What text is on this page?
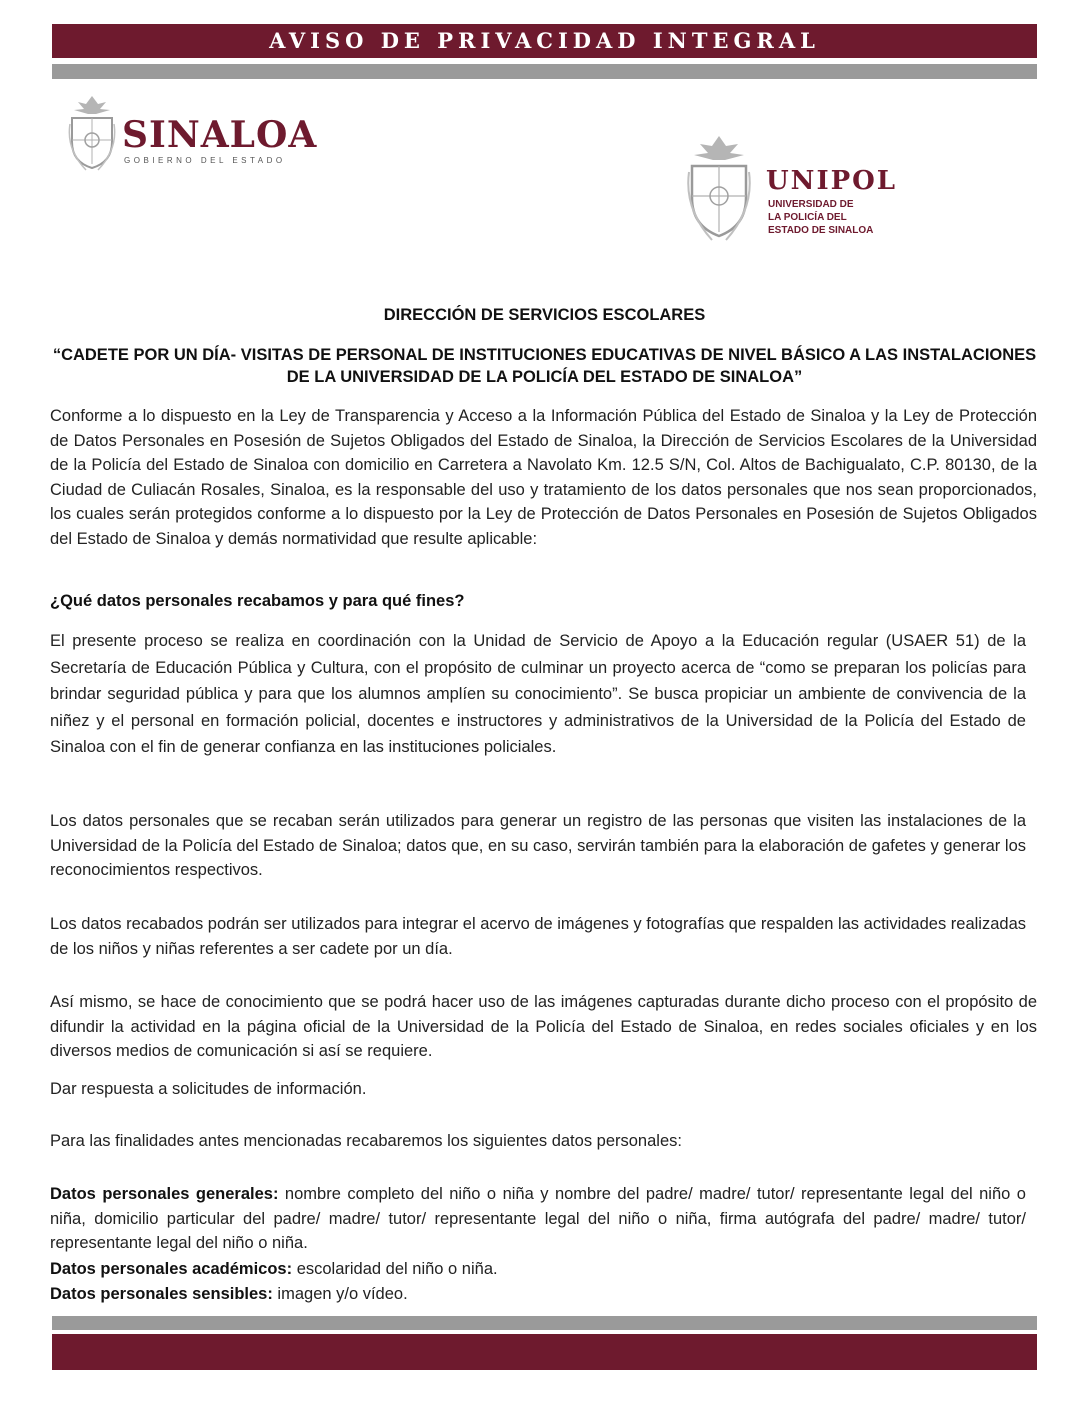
AVISO DE PRIVACIDAD INTEGRAL
SINALOA
GOBIERNO DEL ESTADO
UNIPOL
UNIVERSIDAD DE
LA POLICÍA DEL
ESTADO DE SINALOA
DIRECCIÓN DE SERVICIOS ESCOLARES
“CADETE POR UN DÍA- VISITAS DE PERSONAL DE INSTITUCIONES EDUCATIVAS DE NIVEL BÁSICO A LAS INSTALACIONES DE LA UNIVERSIDAD DE LA POLICÍA DEL ESTADO DE SINALOA”

Conforme a lo dispuesto en la Ley de Transparencia y Acceso a la Información Pública del Estado de Sinaloa y la Ley de Protección de Datos Personales en Posesión de Sujetos Obligados del Estado de Sinaloa, la Dirección de Servicios Escolares de la Universidad de la Policía del Estado de Sinaloa con domicilio en Carretera a Navolato Km. 12.5 S/N, Col. Altos de Bachigualato, C.P. 80130, de la Ciudad de Culiacán Rosales, Sinaloa, es la responsable del uso y tratamiento de los datos personales que nos sean proporcionados, los cuales serán protegidos conforme a lo dispuesto por la Ley de Protección de Datos Personales en Posesión de Sujetos Obligados del Estado de Sinaloa y demás normatividad que resulte aplicable:

¿Qué datos personales recabamos y para qué fines?

El presente proceso se realiza en coordinación con la Unidad de Servicio de Apoyo a la Educación regular (USAER 51) de la Secretaría de Educación Pública y Cultura, con el propósito de culminar un proyecto acerca de “como se preparan los policías para brindar seguridad pública y para que los alumnos amplíen su conocimiento”. Se busca propiciar un ambiente de convivencia de la niñez y el personal en formación policial, docentes e instructores y administrativos de la Universidad de la Policía del Estado de Sinaloa con el fin de generar confianza en las instituciones policiales.

Los datos personales que se recaban serán utilizados para generar un registro de las personas que visiten las instalaciones de la Universidad de la Policía del Estado de Sinaloa; datos que, en su caso, servirán también para la elaboración de gafetes y generar los reconocimientos respectivos.

Los datos recabados podrán ser utilizados para integrar el acervo de imágenes y fotografías que respalden las actividades realizadas de los niños y niñas referentes a ser cadete por un día.

Así mismo, se hace de conocimiento que se podrá hacer uso de las imágenes capturadas durante dicho proceso con el propósito de difundir la actividad en la página oficial de la Universidad de la Policía del Estado de Sinaloa, en redes sociales oficiales y en los diversos medios de comunicación si así se requiere.

Dar respuesta a solicitudes de información.

Para las finalidades antes mencionadas recabaremos los siguientes datos personales:

Datos personales generales: nombre completo del niño o niña y nombre del padre/ madre/ tutor/ representante legal del niño o niña, domicilio particular del padre/ madre/ tutor/ representante legal del niño o niña, firma autógrafa del padre/ madre/ tutor/ representante legal del niño o niña.

Datos personales académicos: escolaridad del niño o niña.

Datos personales sensibles: imagen y/o vídeo.
